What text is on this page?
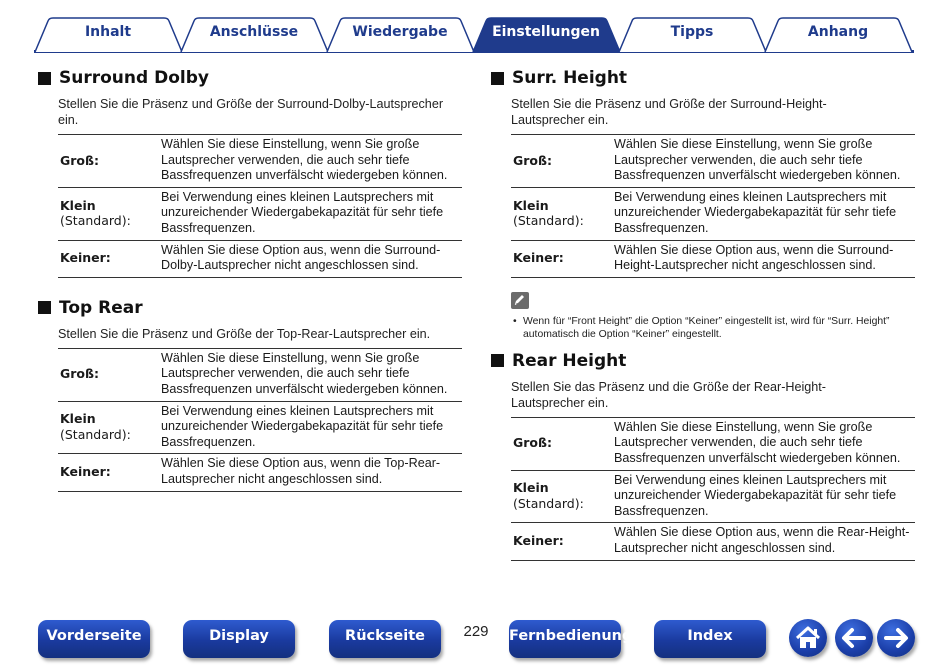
Inhalt	Anschlüsse	Wiedergabe	Einstellungen	Tipps	Anhang
Surround Dolby
Stellen Sie die Präsenz und Größe der Surround-Dolby-Lautsprecher ein.
Groß:	Wählen Sie diese Einstellung, wenn Sie große Lautsprecher verwenden, die auch sehr tiefe Bassfrequenzen unverfälscht wiedergeben können.

Klein
(Standard):	Bei Verwendung eines kleinen Lautsprechers mit unzureichender Wiedergabekapazität für sehr tiefe Bassfrequenzen.

Keiner:	Wählen Sie diese Option aus, wenn die Surround-Dolby-Lautsprecher nicht angeschlossen sind.
Top Rear
Stellen Sie die Präsenz und Größe der Top-Rear-Lautsprecher ein.
Groß:	Wählen Sie diese Einstellung, wenn Sie große Lautsprecher verwenden, die auch sehr tiefe Bassfrequenzen unverfälscht wiedergeben können.

Klein
(Standard):	Bei Verwendung eines kleinen Lautsprechers mit unzureichender Wiedergabekapazität für sehr tiefe Bassfrequenzen.

Keiner:	Wählen Sie diese Option aus, wenn die Top-Rear-Lautsprecher nicht angeschlossen sind.
Surr. Height
Stellen Sie die Präsenz und Größe der Surround-Height-Lautsprecher ein.
Groß:	Wählen Sie diese Einstellung, wenn Sie große Lautsprecher verwenden, die auch sehr tiefe Bassfrequenzen unverfälscht wiedergeben können.

Klein
(Standard):	Bei Verwendung eines kleinen Lautsprechers mit unzureichender Wiedergabekapazität für sehr tiefe Bassfrequenzen.

Keiner:	Wählen Sie diese Option aus, wenn die Surround-Height-Lautsprecher nicht angeschlossen sind.
• Wenn für “Front Height” die Option “Keiner” eingestellt ist, wird für “Surr. Height” automatisch die Option “Keiner” eingestellt.
Rear Height
Stellen Sie das Präsenz und die Größe der Rear-Height-Lautsprecher ein.
Groß:	Wählen Sie diese Einstellung, wenn Sie große Lautsprecher verwenden, die auch sehr tiefe Bassfrequenzen unverfälscht wiedergeben können.

Klein
(Standard):	Bei Verwendung eines kleinen Lautsprechers mit unzureichender Wiedergabekapazität für sehr tiefe Bassfrequenzen.

Keiner:	Wählen Sie diese Option aus, wenn die Rear-Height-Lautsprecher nicht angeschlossen sind.
Vorderseite	Display	Rückseite	229	Fernbedienung	Index
